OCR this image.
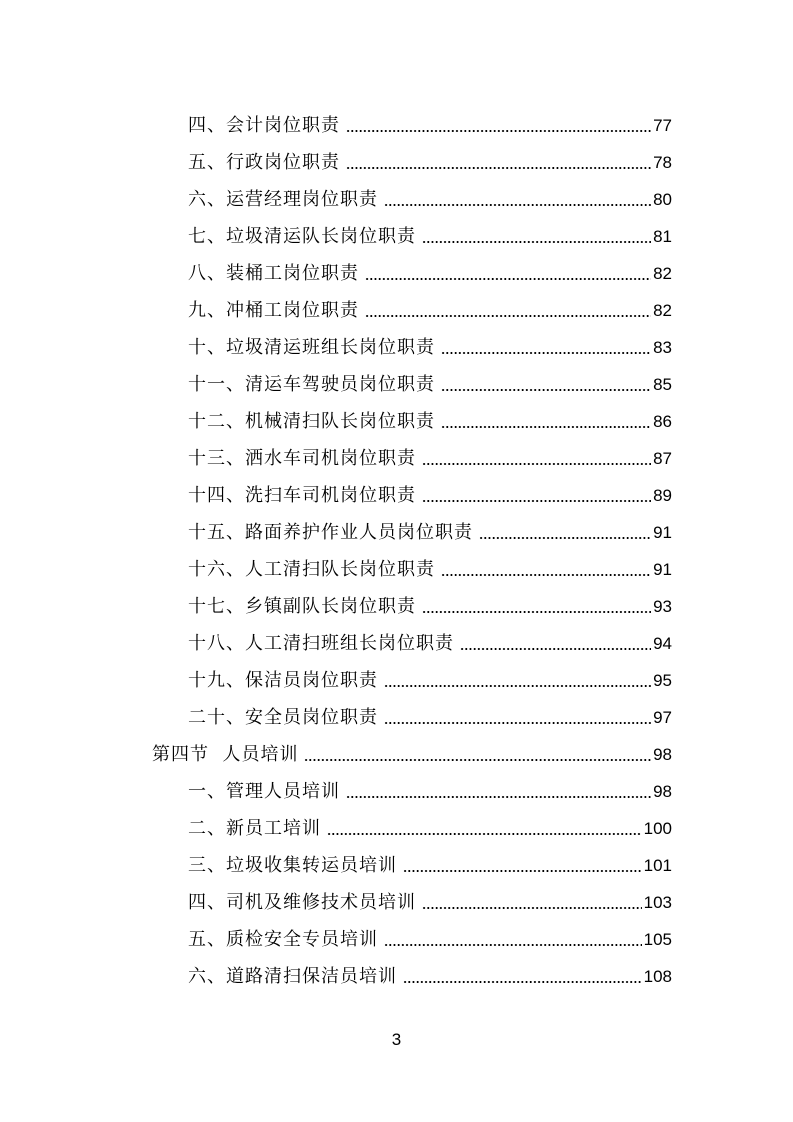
四、会计岗位职责	77
五、行政岗位职责	78
六、运营经理岗位职责	80
七、垃圾清运队长岗位职责	81
八、装桶工岗位职责	82
九、冲桶工岗位职责	82
十、垃圾清运班组长岗位职责	83
十一、清运车驾驶员岗位职责	85
十二、机械清扫队长岗位职责	86
十三、洒水车司机岗位职责	87
十四、洗扫车司机岗位职责	89
十五、路面养护作业人员岗位职责	91
十六、人工清扫队长岗位职责	91
十七、乡镇副队长岗位职责	93
十八、人工清扫班组长岗位职责	94
十九、保洁员岗位职责	95
二十、安全员岗位职责	97
第四节  人员培训	98
一、管理人员培训	98
二、新员工培训	100
三、垃圾收集转运员培训	101
四、司机及维修技术员培训	103
五、质检安全专员培训	105
六、道路清扫保洁员培训	108
3
